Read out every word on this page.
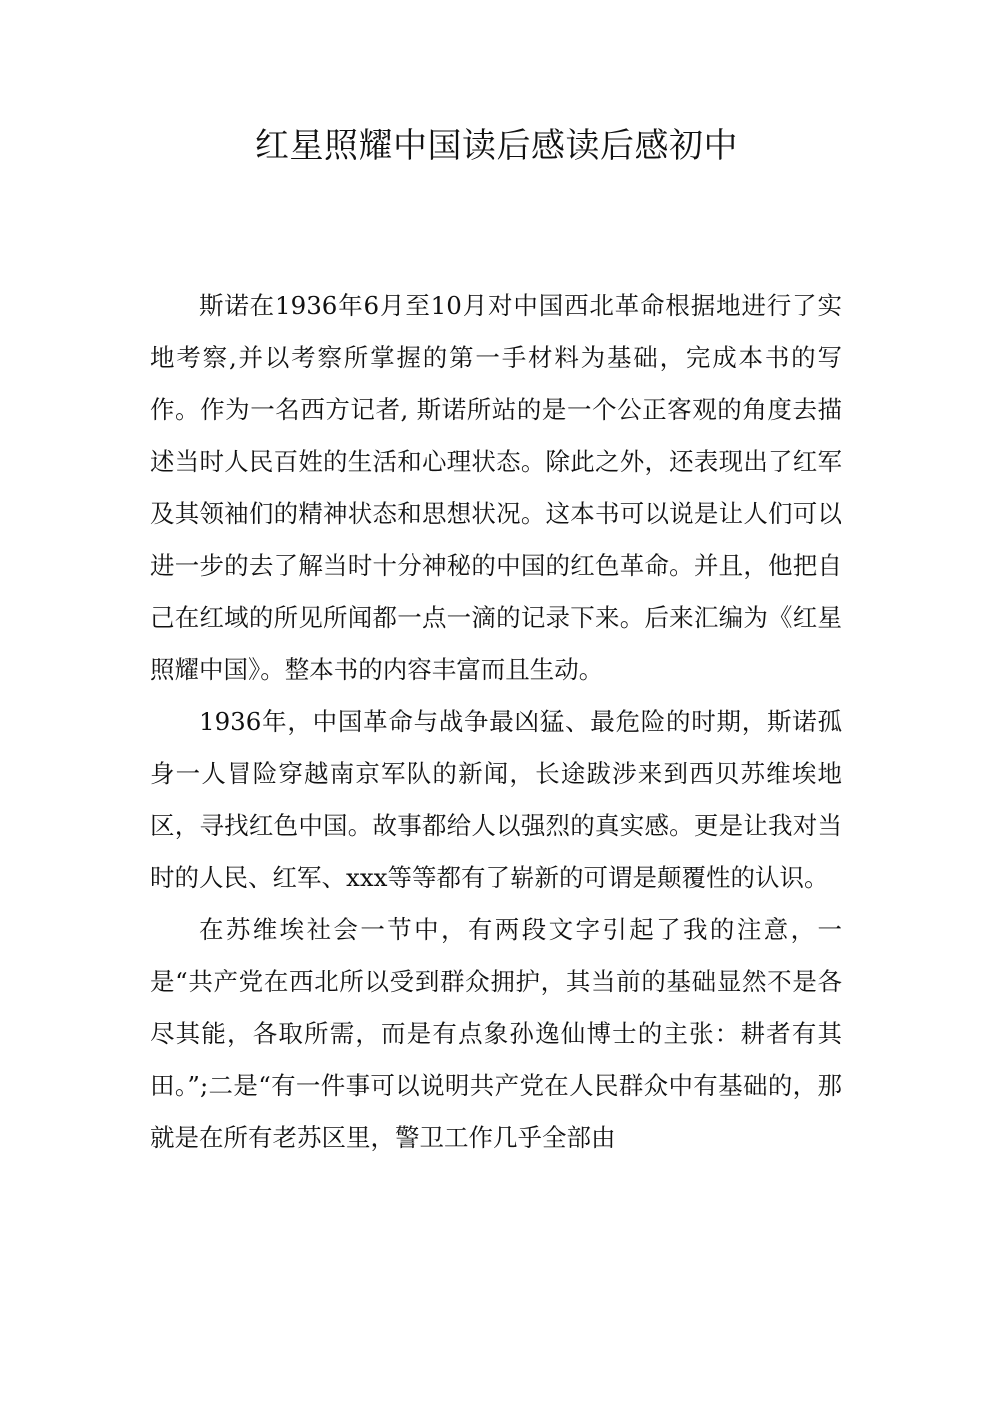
红星照耀中国读后感读后感初中

斯诺在1936年6月至10月对中国西北革命根据地进行了实地考察,并以考察所掌握的第一手材料为基础，完成本书的写作。作为一名西方记者, 斯诺所站的是一个公正客观的角度去描述当时人民百姓的生活和心理状态。除此之外，还表现出了红军及其领袖们的精神状态和思想状况。这本书可以说是让人们可以进一步的去了解当时十分神秘的中国的红色革命。并且，他把自己在红域的所见所闻都一点一滴的记录下来。后来汇编为《红星照耀中国》。整本书的内容丰富而且生动。

1936年，中国革命与战争最凶猛、最危险的时期，斯诺孤身一人冒险穿越南京军队的新闻，长途跋涉来到西贝苏维埃地区，寻找红色中国。故事都给人以强烈的真实感。更是让我对当时的人民、红军、xxx等等都有了崭新的可谓是颠覆性的认识。

在苏维埃社会一节中，有两段文字引起了我的注意，一是“共产党在西北所以受到群众拥护，其当前的基础显然不是各尽其能，各取所需，而是有点象孙逸仙博士的主张：耕者有其田。”;二是“有一件事可以说明共产党在人民群众中有基础的，那就是在所有老苏区里，警卫工作几乎全部由
